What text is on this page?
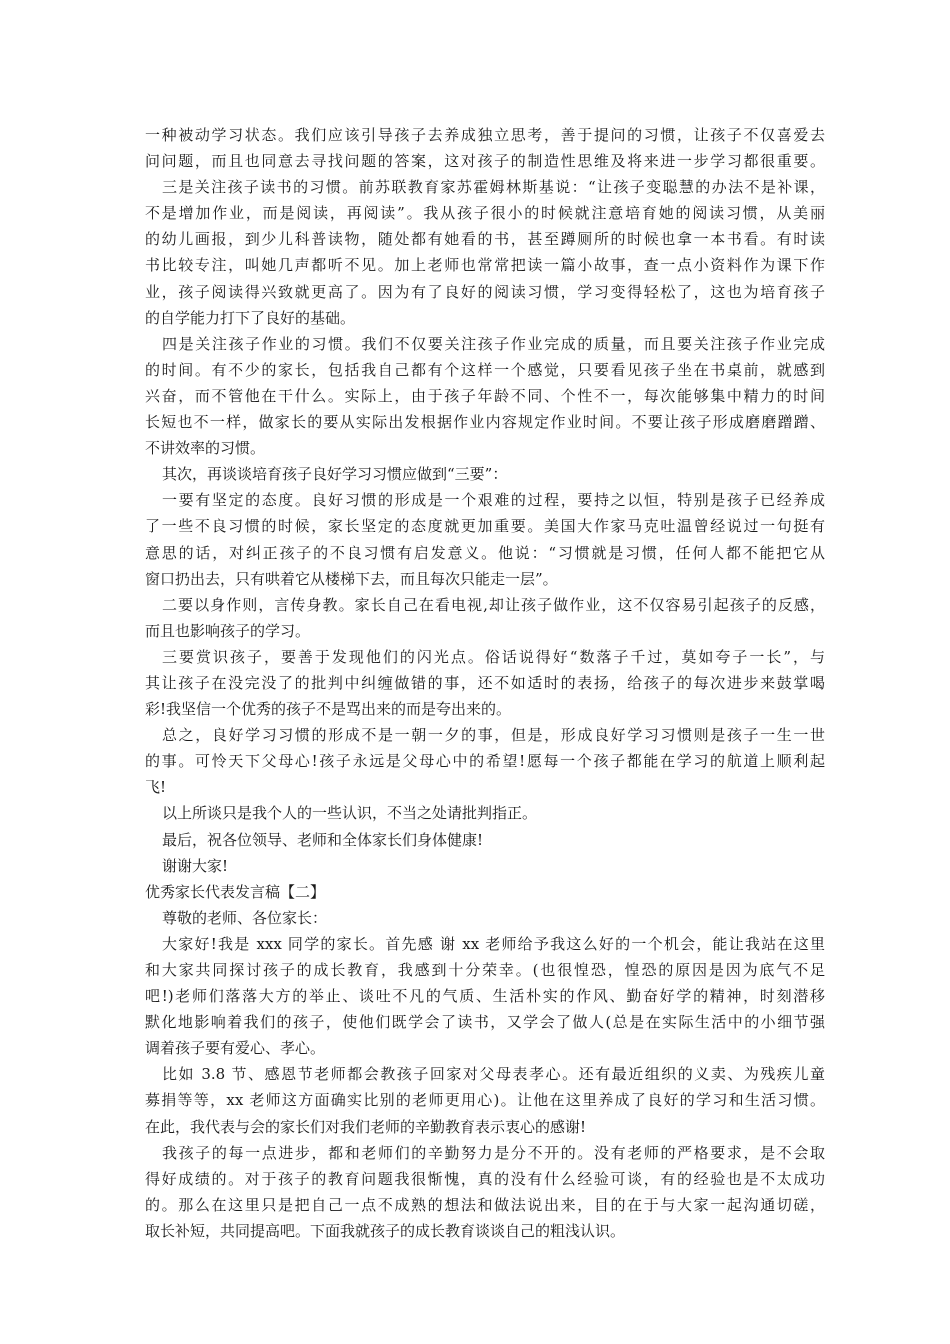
一种被动学习状态。我们应该引导孩子去养成独立思考，善于提问的习惯，让孩子不仅喜爱去
问问题，而且也同意去寻找问题的答案，这对孩子的制造性思维及将来进一步学习都很重要。
三是关注孩子读书的习惯。前苏联教育家苏霍姆林斯基说：“让孩子变聪慧的办法不是补课，
不是增加作业，而是阅读，再阅读”。我从孩子很小的时候就注意培育她的阅读习惯，从美丽
的幼儿画报，到少儿科普读物，随处都有她看的书，甚至蹲厕所的时候也拿一本书看。有时读
书比较专注，叫她几声都听不见。加上老师也常常把读一篇小故事，查一点小资料作为课下作
业，孩子阅读得兴致就更高了。因为有了良好的阅读习惯，学习变得轻松了，这也为培育孩子
的自学能力打下了良好的基础。
四是关注孩子作业的习惯。我们不仅要关注孩子作业完成的质量，而且要关注孩子作业完成
的时间。有不少的家长，包括我自己都有个这样一个感觉，只要看见孩子坐在书桌前，就感到
兴奋，而不管他在干什么。实际上，由于孩子年龄不同、个性不一，每次能够集中精力的时间
长短也不一样，做家长的要从实际出发根据作业内容规定作业时间。不要让孩子形成磨磨蹭蹭、
不讲效率的习惯。
其次，再谈谈培育孩子良好学习习惯应做到“三要”：
一要有坚定的态度。良好习惯的形成是一个艰难的过程，要持之以恒，特别是孩子已经养成
了一些不良习惯的时候，家长坚定的态度就更加重要。美国大作家马克吐温曾经说过一句挺有
意思的话，对纠正孩子的不良习惯有启发意义。他说：“习惯就是习惯，任何人都不能把它从
窗口扔出去，只有哄着它从楼梯下去，而且每次只能走一层”。
二要以身作则，言传身教。家长自己在看电视,却让孩子做作业，这不仅容易引起孩子的反感，
而且也影响孩子的学习。
三要赏识孩子，要善于发现他们的闪光点。俗话说得好“数落子千过，莫如夸子一长”，与
其让孩子在没完没了的批判中纠缠做错的事，还不如适时的表扬，给孩子的每次进步来鼓掌喝
彩!我坚信一个优秀的孩子不是骂出来的而是夸出来的。
总之，良好学习习惯的形成不是一朝一夕的事，但是，形成良好学习习惯则是孩子一生一世
的事。可怜天下父母心!孩子永远是父母心中的希望!愿每一个孩子都能在学习的航道上顺利起
飞!
以上所谈只是我个人的一些认识，不当之处请批判指正。
最后，祝各位领导、老师和全体家长们身体健康!
谢谢大家!
优秀家长代表发言稿【二】
尊敬的老师、各位家长：
大家好!我是 xxx 同学的家长。首先感 谢 xx 老师给予我这么好的一个机会，能让我站在这里
和大家共同探讨孩子的成长教育，我感到十分荣幸。(也很惶恐，惶恐的原因是因为底气不足
吧!)老师们落落大方的举止、谈吐不凡的气质、生活朴实的作风、勤奋好学的精神，时刻潜移
默化地影响着我们的孩子，使他们既学会了读书，又学会了做人(总是在实际生活中的小细节强
调着孩子要有爱心、孝心。
比如 3.8 节、感恩节老师都会教孩子回家对父母表孝心。还有最近组织的义卖、为残疾儿童
募捐等等，xx 老师这方面确实比别的老师更用心)。让他在这里养成了良好的学习和生活习惯。
在此，我代表与会的家长们对我们老师的辛勤教育表示衷心的感谢!
我孩子的每一点进步，都和老师们的辛勤努力是分不开的。没有老师的严格要求，是不会取
得好成绩的。对于孩子的教育问题我很惭愧，真的没有什么经验可谈，有的经验也是不太成功
的。那么在这里只是把自己一点不成熟的想法和做法说出来，目的在于与大家一起沟通切磋，
取长补短，共同提高吧。下面我就孩子的成长教育谈谈自己的粗浅认识。
